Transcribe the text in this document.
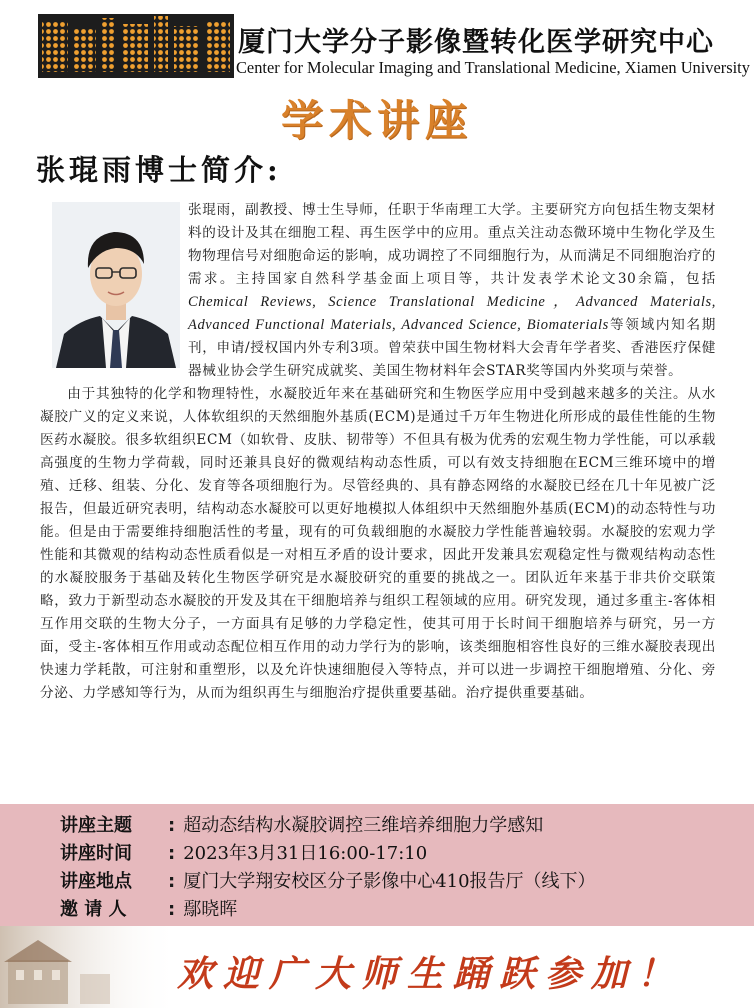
厦门大学分子影像暨转化医学研究中心
Center for Molecular Imaging and Translational Medicine, Xiamen University
学术讲座
张琨雨博士简介:

张琨雨，副教授、博士生导师，任职于华南理工大学。主要研究方向包括生物支架材料的设计及其在细胞工程、再生医学中的应用。重点关注动态微环境中生物化学及生物物理信号对细胞命运的影响，成功调控了不同细胞行为，从而满足不同细胞治疗的需求。主持国家自然科学基金面上项目等，共计发表学术论文30余篇，包括Chemical Reviews, Science Translational Medicine，Advanced Materials, Advanced Functional Materials, Advanced Science, Biomaterials等领域内知名期刊，申请/授权国内外专利3项。曾荣获中国生物材料大会青年学者奖、香港医疗保健器械业协会学生研究成就奖、美国生物材料年会STAR奖等国内外奖项与荣誉。

由于其独特的化学和物理特性，水凝胶近年来在基础研究和生物医学应用中受到越来越多的关注。从水凝胶广义的定义来说，人体软组织的天然细胞外基质(ECM)是通过千万年生物进化所形成的最佳性能的生物医药水凝胶。很多软组织ECM（如软骨、皮肤、韧带等）不但具有极为优秀的宏观生物力学性能，可以承载高强度的生物力学荷载，同时还兼具良好的微观结构动态性质，可以有效支持细胞在ECM三维环境中的增殖、迁移、组装、分化、发育等各项细胞行为。尽管经典的、具有静态网络的水凝胶已经在几十年见被广泛报告，但最近研究表明，结构动态水凝胶可以更好地模拟人体组织中天然细胞外基质(ECM)的动态特性与功能。但是由于需要维持细胞活性的考量，现有的可负载细胞的水凝胶力学性能普遍较弱。水凝胶的宏观力学性能和其微观的结构动态性质看似是一对相互矛盾的设计要求，因此开发兼具宏观稳定性与微观结构动态性的水凝胶服务于基础及转化生物医学研究是水凝胶研究的重要的挑战之一。团队近年来基于非共价交联策略，致力于新型动态水凝胶的开发及其在干细胞培养与组织工程领域的应用。研究发现，通过多重主-客体相互作用交联的生物大分子，一方面具有足够的力学稳定性，使其可用于长时间干细胞培养与研究，另一方面，受主-客体相互作用或动态配位相互作用的动力学行为的影响，该类细胞相容性良好的三维水凝胶表现出快速力学耗散，可注射和重塑形，以及允许快速细胞侵入等特点，并可以进一步调控干细胞增殖、分化、旁分泌、力学感知等行为，从而为组织再生与细胞治疗提供重要基础。治疗提供重要基础。

讲座主题 : 超动态结构水凝胶调控三维培养细胞力学感知
讲座时间 : 2023年3月31日16:00-17:10
讲座地点 : 厦门大学翔安校区分子影像中心410报告厅（线下）
邀 请 人 : 鄢晓晖
欢迎广大师生踊跃参加！
